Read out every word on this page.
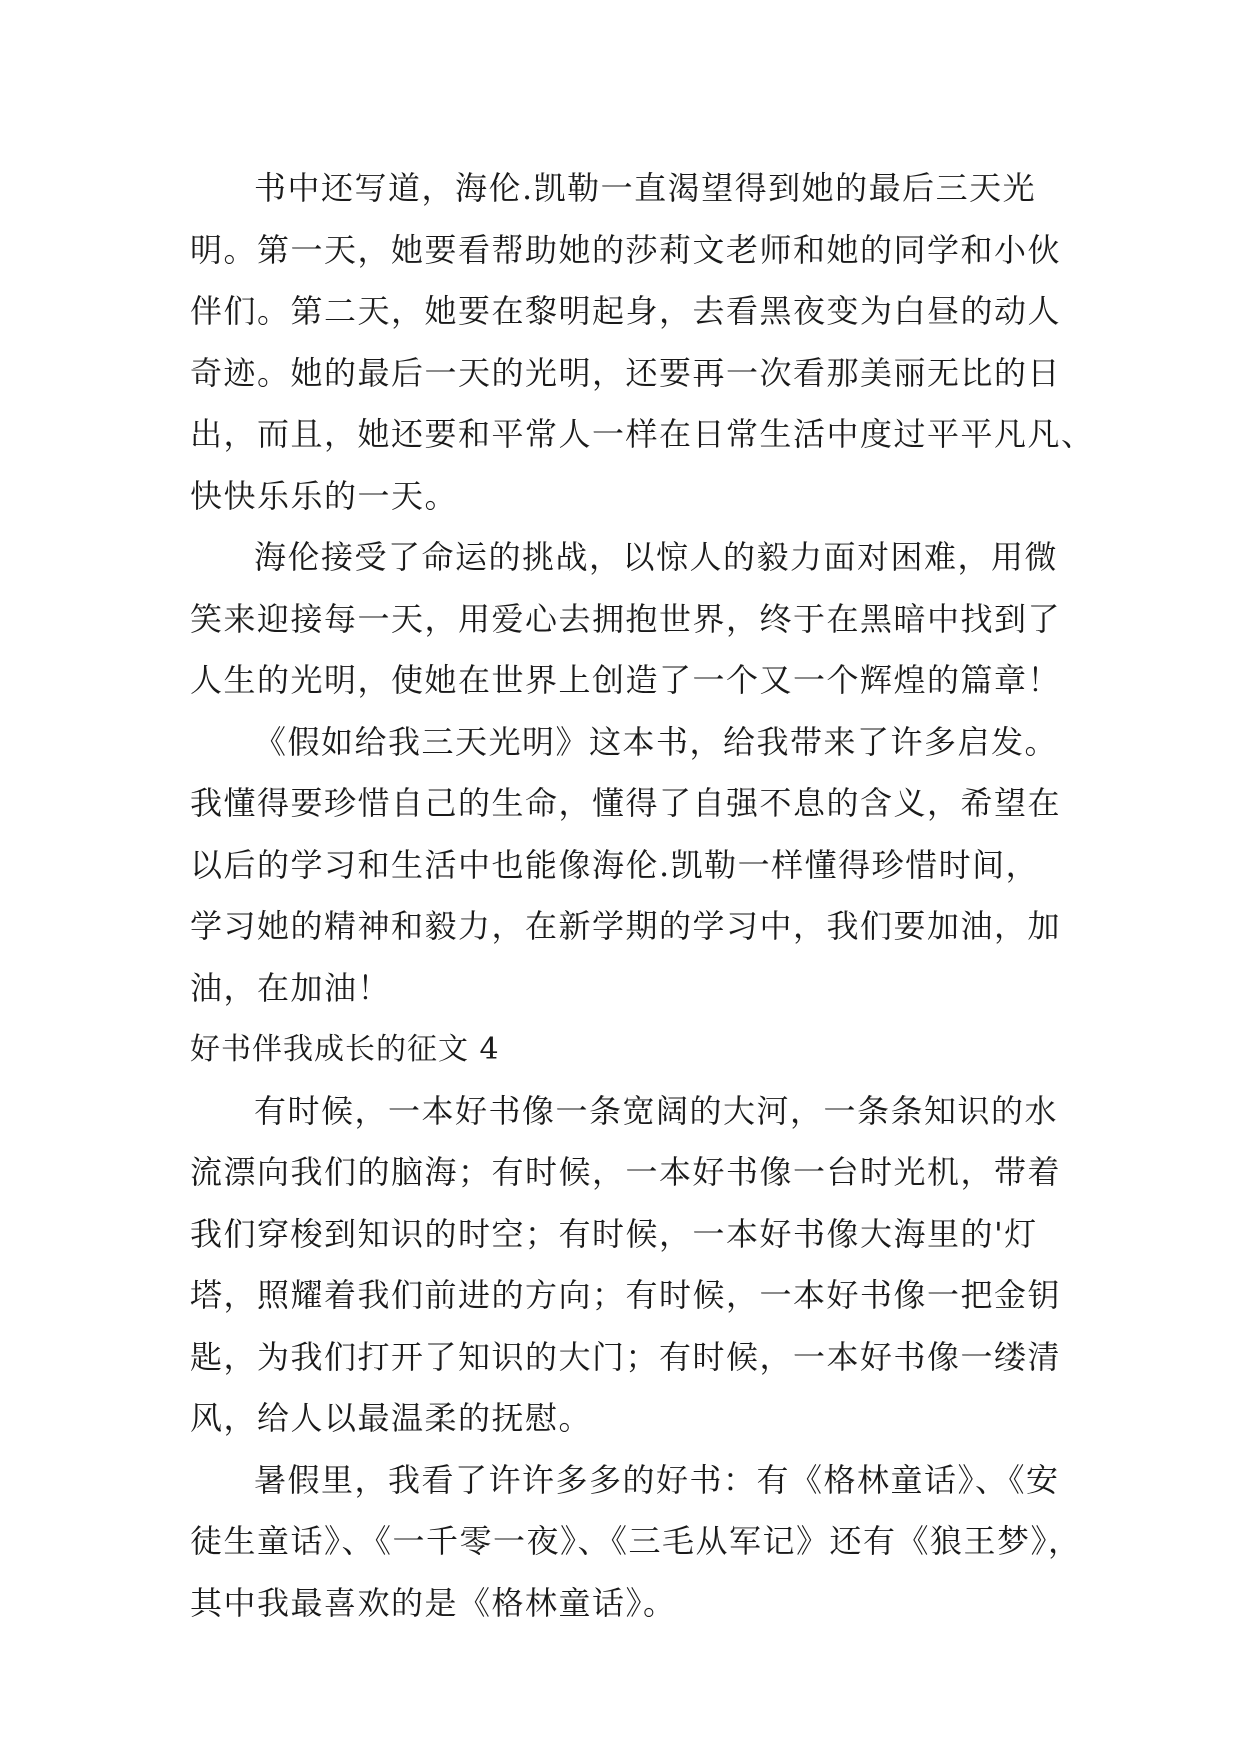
书中还写道，海伦.凯勒一直渴望得到她的最后三天光
明。第一天，她要看帮助她的莎莉文老师和她的同学和小伙
伴们。第二天，她要在黎明起身，去看黑夜变为白昼的动人
奇迹。她的最后一天的光明，还要再一次看那美丽无比的日
出，而且，她还要和平常人一样在日常生活中度过平平凡凡、
快快乐乐的一天。
海伦接受了命运的挑战，以惊人的毅力面对困难，用微
笑来迎接每一天，用爱心去拥抱世界，终于在黑暗中找到了
人生的光明，使她在世界上创造了一个又一个辉煌的篇章！
《假如给我三天光明》这本书，给我带来了许多启发。
我懂得要珍惜自己的生命，懂得了自强不息的含义，希望在
以后的学习和生活中也能像海伦.凯勒一样懂得珍惜时间，
学习她的精神和毅力，在新学期的学习中，我们要加油，加
油，在加油！
好书伴我成长的征文 4
有时候，一本好书像一条宽阔的大河，一条条知识的水
流漂向我们的脑海；有时候，一本好书像一台时光机，带着
我们穿梭到知识的时空；有时候，一本好书像大海里的'灯
塔，照耀着我们前进的方向；有时候，一本好书像一把金钥
匙，为我们打开了知识的大门；有时候，一本好书像一缕清
风，给人以最温柔的抚慰。
暑假里，我看了许许多多的好书：有《格林童话》、《安
徒生童话》、《一千零一夜》、《三毛从军记》还有《狼王梦》，
其中我最喜欢的是《格林童话》。
